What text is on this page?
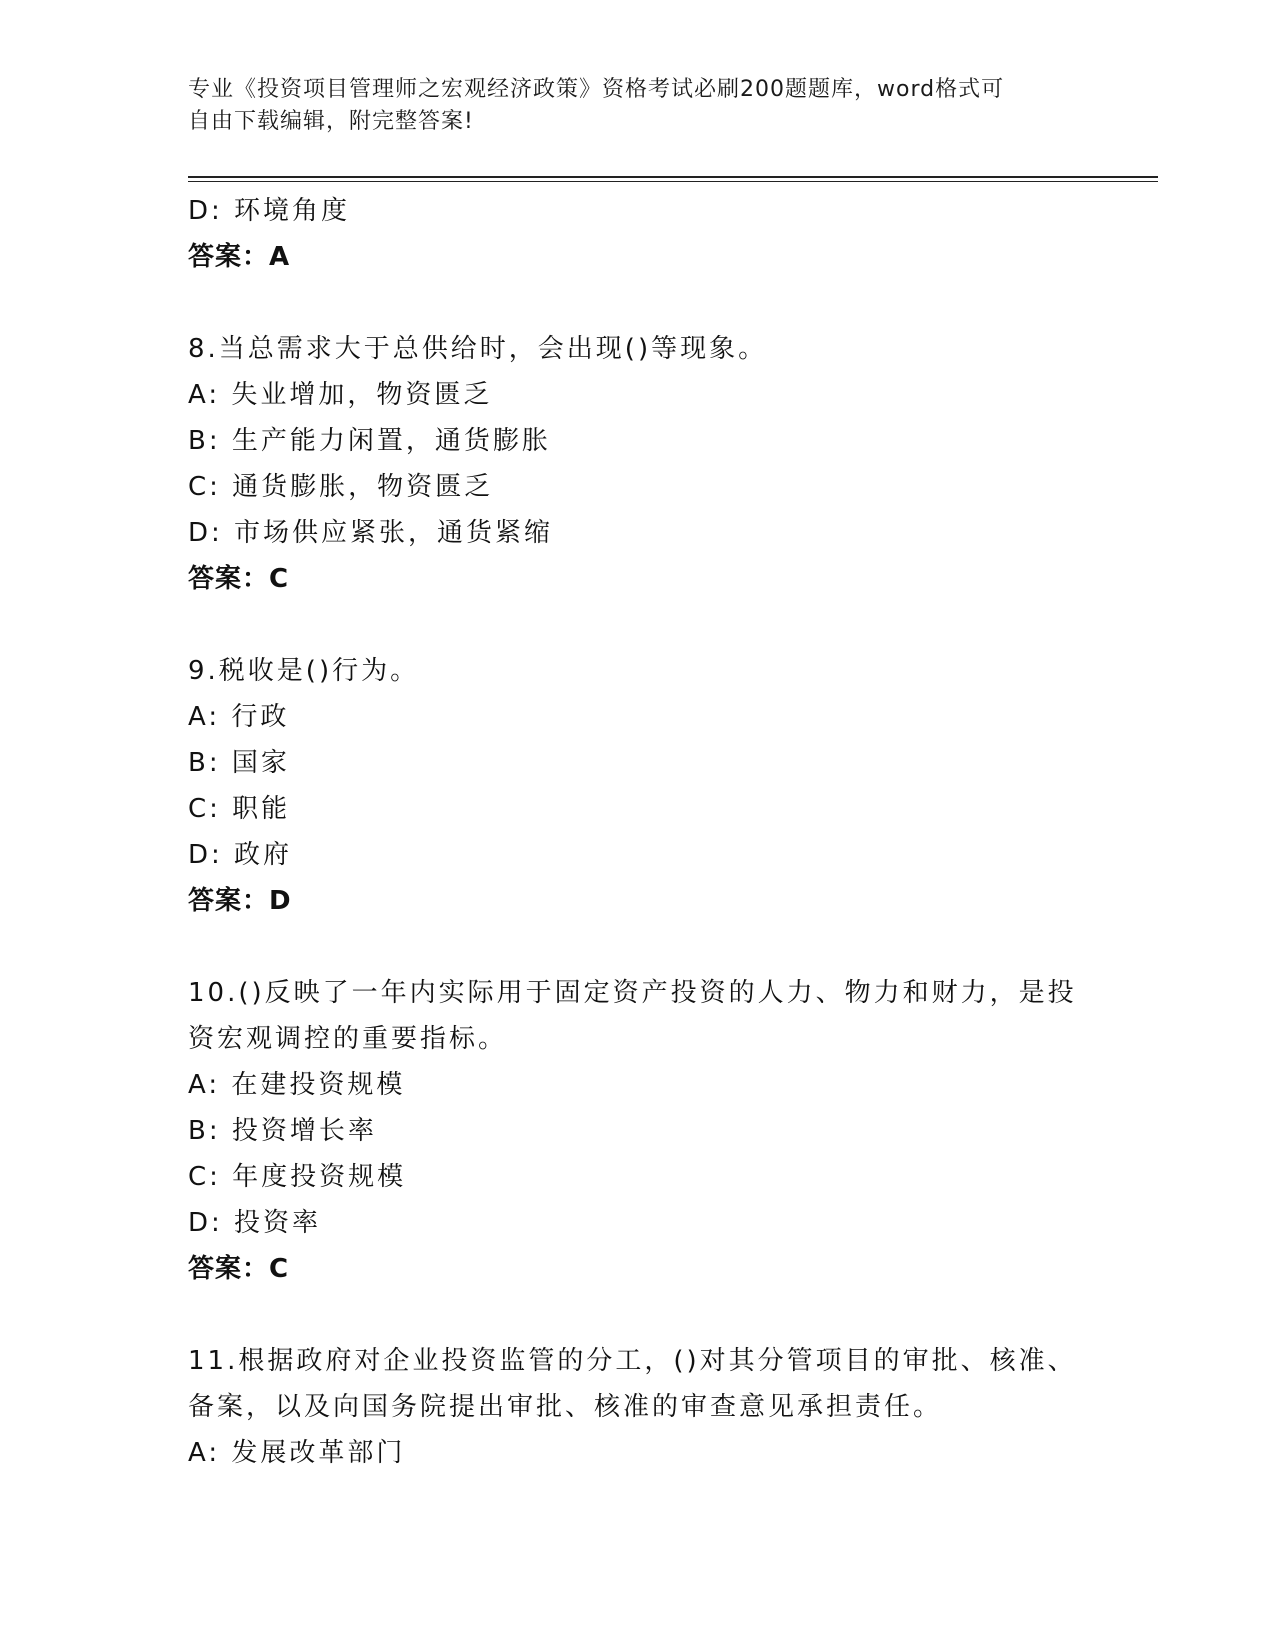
专业《投资项目管理师之宏观经济政策》资格考试必刷200题题库，word格式可
自由下载编辑，附完整答案!
D: 环境角度
答案：A
8.当总需求大于总供给时，会出现()等现象。
A: 失业增加，物资匮乏
B: 生产能力闲置，通货膨胀
C: 通货膨胀，物资匮乏
D: 市场供应紧张，通货紧缩
答案：C
9.税收是()行为。
A: 行政
B: 国家
C: 职能
D: 政府
答案：D
10.()反映了一年内实际用于固定资产投资的人力、物力和财力，是投
资宏观调控的重要指标。
A: 在建投资规模
B: 投资增长率
C: 年度投资规模
D: 投资率
答案：C
11.根据政府对企业投资监管的分工，()对其分管项目的审批、核准、
备案，以及向国务院提出审批、核准的审查意见承担责任。
A: 发展改革部门
